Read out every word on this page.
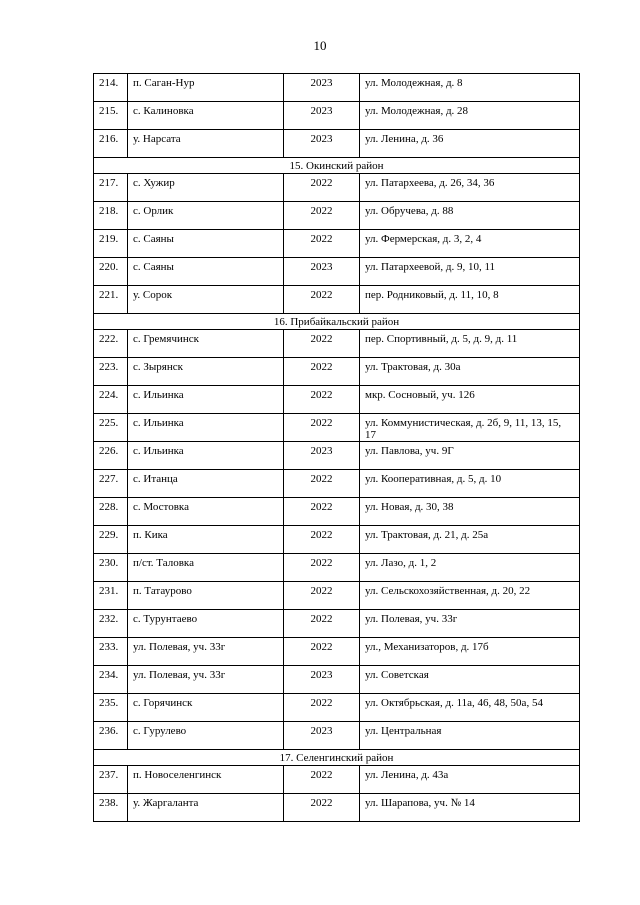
10
214.	п. Саган-Нур	2023	ул. Молодежная, д. 8
215.	с. Калиновка	2023	ул. Молодежная, д. 28
216.	у. Нарсата	2023	ул. Ленина, д. 36
15. Окинский район			
217.	с. Хужир	2022	ул. Патархеева, д. 26, 34, 36
218.	с. Орлик	2022	ул. Обручева, д. 88
219.	с. Саяны	2022	ул. Фермерская, д. 3, 2, 4
220.	с. Саяны	2023	ул. Патархеевой, д. 9, 10, 11
221.	у. Сорок	2022	пер. Родниковый, д. 11, 10, 8
16. Прибайкальский район			
222.	с. Гремячинск	2022	пер. Спортивный, д. 5, д. 9, д. 11
223.	с. Зырянск	2022	ул. Трактовая, д. 30а
224.	с. Ильинка	2022	мкр. Сосновый, уч. 126
225.	с. Ильинка	2022	ул. Коммунистическая, д. 2б, 9, 11, 13, 15, 17
226.	с. Ильинка	2023	ул. Павлова, уч. 9Г
227.	с. Итанца	2022	ул. Кооперативная, д. 5, д. 10
228.	с. Мостовка	2022	ул. Новая, д. 30, 38
229.	п. Кика	2022	ул. Трактовая, д. 21, д. 25а
230.	п/ст. Таловка	2022	ул. Лазо, д. 1, 2
231.	п. Татаурово	2022	ул. Сельскохозяйственная, д. 20, 22
232.	с. Турунтаево	2022	ул. Полевая, уч. 33г
233.	ул. Полевая, уч. 33г	2022	ул., Механизаторов, д. 17б
234.	ул. Полевая, уч. 33г	2023	ул. Советская
235.	с. Горячинск	2022	ул. Октябрьская, д. 11а, 46, 48, 50а, 54
236.	с. Гурулево	2023	ул. Центральная
17. Селенгинский район			
237.	п. Новоселенгинск	2022	ул. Ленина, д. 43а
238.	у. Жаргаланта	2022	ул. Шарапова, уч. № 14
